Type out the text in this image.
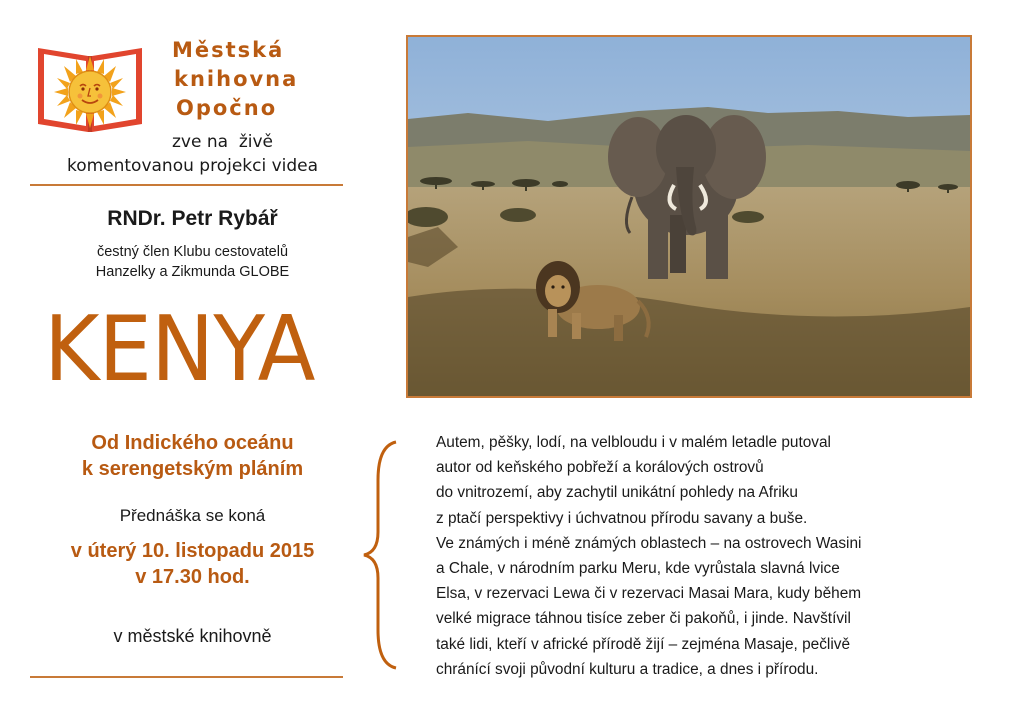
Městská
knihovna
Opočno
zve na  živě
komentovanou projekci videa
RNDr. Petr Rybář
čestný člen Klubu cestovatelů
Hanzelky a Zikmunda GLOBE
KENYA
Od Indického oceánu
k serengetským pláním
Přednáška se koná
v úterý 10. listopadu 2015
v 17.30 hod.
v městské knihovně
Autem, pěšky, lodí, na velbloudu i v malém letadle putoval
autor od keňského pobřeží a korálových ostrovů
do vnitrozemí, aby zachytil unikátní pohledy na Afriku
z ptačí perspektivy i úchvatnou přírodu savany a buše.
Ve známých i méně známých oblastech – na ostrovech Wasini
a Chale, v národním parku Meru, kde vyrůstala slavná lvice
Elsa, v rezervaci Lewa či v rezervaci Masai Mara, kudy během
velké migrace táhnou tisíce zeber či pakoňů, i jinde. Navštívil
také lidi, kteří v africké přírodě žijí – zejména Masaje, pečlivě
chránící svoji původní kulturu a tradice, a dnes i přírodu.
